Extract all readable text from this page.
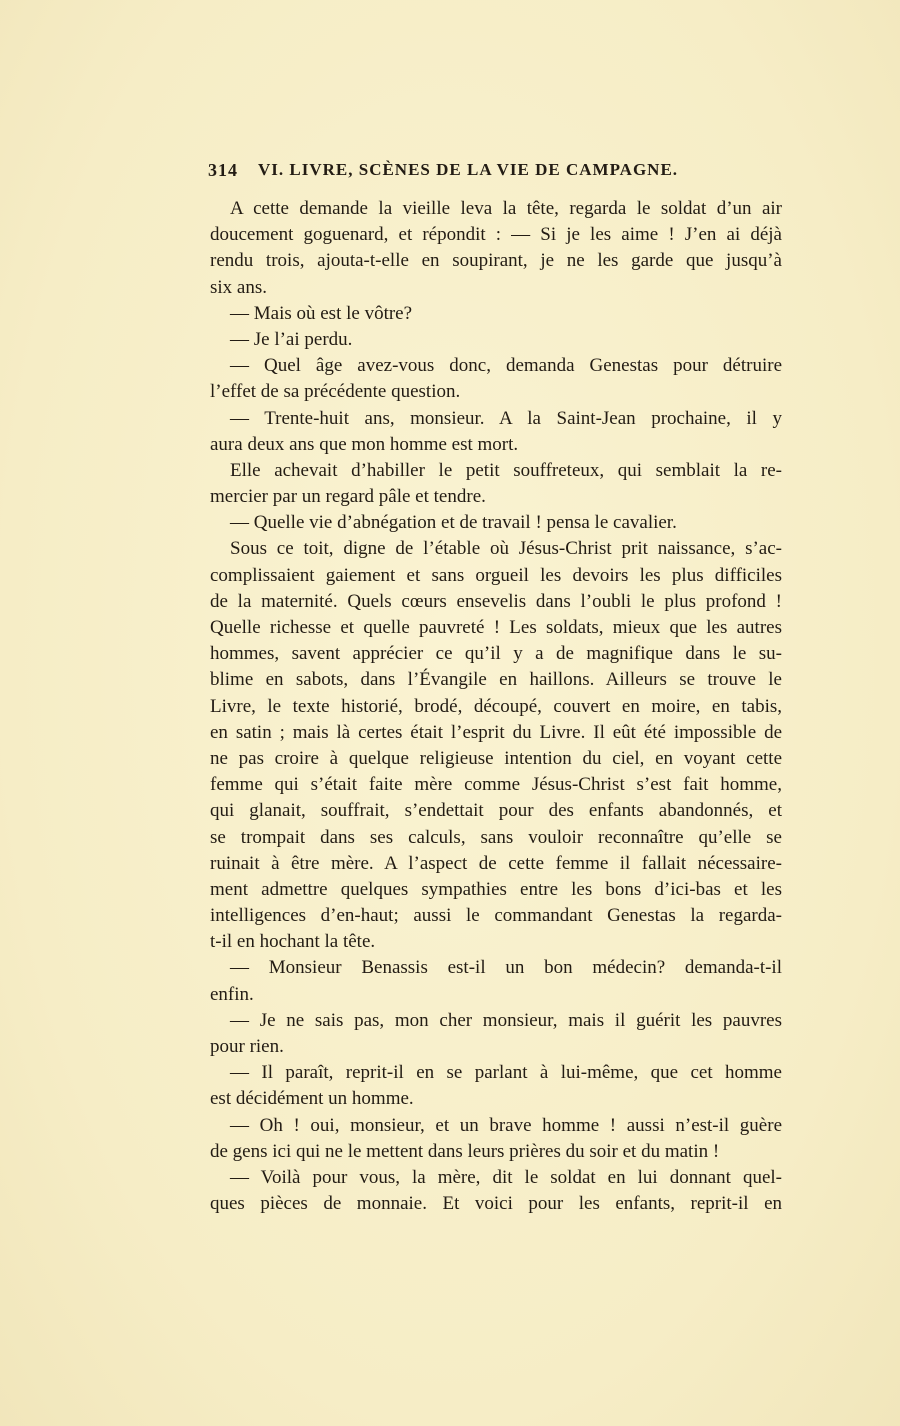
314 VI. LIVRE, SCÈNES DE LA VIE DE CAMPAGNE.
A cette demande la vieille leva la tête, regarda le soldat d’un air
doucement goguenard, et répondit : — Si je les aime ! J’en ai déjà
rendu trois, ajouta-t-elle en soupirant, je ne les garde que jusqu’à
six ans.
— Mais où est le vôtre?
— Je l’ai perdu.
— Quel âge avez-vous donc, demanda Genestas pour détruire
l’effet de sa précédente question.
— Trente-huit ans, monsieur. A la Saint-Jean prochaine, il y
aura deux ans que mon homme est mort.
Elle achevait d’habiller le petit souffreteux, qui semblait la re-
mercier par un regard pâle et tendre.
— Quelle vie d’abnégation et de travail ! pensa le cavalier.
Sous ce toit, digne de l’étable où Jésus-Christ prit naissance, s’ac-
complissaient gaiement et sans orgueil les devoirs les plus difficiles
de la maternité. Quels cœurs ensevelis dans l’oubli le plus profond !
Quelle richesse et quelle pauvreté ! Les soldats, mieux que les autres
hommes, savent apprécier ce qu’il y a de magnifique dans le su-
blime en sabots, dans l’Évangile en haillons. Ailleurs se trouve le
Livre, le texte historié, brodé, découpé, couvert en moire, en tabis,
en satin ; mais là certes était l’esprit du Livre. Il eût été impossible de
ne pas croire à quelque religieuse intention du ciel, en voyant cette
femme qui s’était faite mère comme Jésus-Christ s’est fait homme,
qui glanait, souffrait, s’endettait pour des enfants abandonnés, et
se trompait dans ses calculs, sans vouloir reconnaître qu’elle se
ruinait à être mère. A l’aspect de cette femme il fallait nécessaire-
ment admettre quelques sympathies entre les bons d’ici-bas et les
intelligences d’en-haut; aussi le commandant Genestas la regarda-
t-il en hochant la tête.
— Monsieur Benassis est-il un bon médecin? demanda-t-il
enfin.
— Je ne sais pas, mon cher monsieur, mais il guérit les pauvres
pour rien.
— Il paraît, reprit-il en se parlant à lui-même, que cet homme
est décidément un homme.
— Oh ! oui, monsieur, et un brave homme ! aussi n’est-il guère
de gens ici qui ne le mettent dans leurs prières du soir et du matin !
— Voilà pour vous, la mère, dit le soldat en lui donnant quel-
ques pièces de monnaie. Et voici pour les enfants, reprit-il en
